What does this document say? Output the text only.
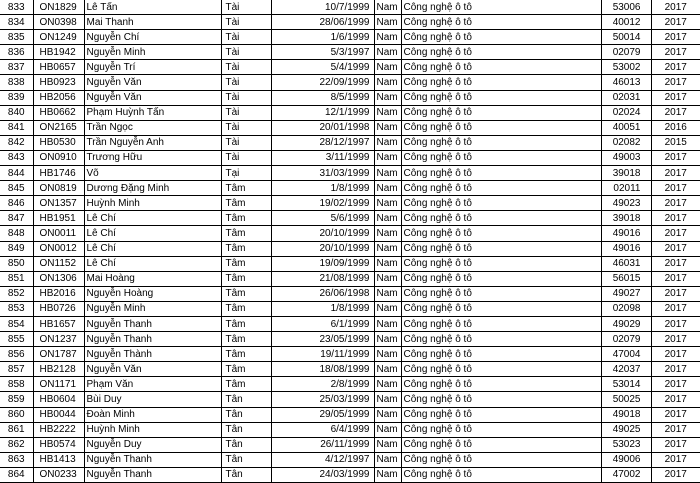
833	ON1829	Lê Tấn	Tài	10/7/1999	Nam	Công nghệ ô tô	53006	2017
834	ON0398	Mai Thanh	Tài	28/06/1999	Nam	Công nghệ ô tô	40012	2017
835	ON1249	Nguyễn Chí	Tài	1/6/1999	Nam	Công nghệ ô tô	50014	2017
836	HB1942	Nguyễn Minh	Tài	5/3/1997	Nam	Công nghệ ô tô	02079	2017
837	HB0657	Nguyễn Trí	Tài	5/4/1999	Nam	Công nghệ ô tô	53002	2017
838	HB0923	Nguyễn Văn	Tài	22/09/1999	Nam	Công nghệ ô tô	46013	2017
839	HB2056	Nguyễn Văn	Tài	8/5/1999	Nam	Công nghệ ô tô	02031	2017
840	HB0662	Phạm Huỳnh Tấn	Tài	12/1/1999	Nam	Công nghệ ô tô	02024	2017
841	ON2165	Trần Ngọc	Tài	20/01/1998	Nam	Công nghệ ô tô	40051	2016
842	HB0530	Trần Nguyễn Anh	Tài	28/12/1997	Nam	Công nghệ ô tô	02082	2015
843	ON0910	Trương Hữu	Tài	3/11/1999	Nam	Công nghệ ô tô	49003	2017
844	HB1746	Võ	Tại	31/03/1999	Nam	Công nghệ ô tô	39018	2017
845	ON0819	Dương Đặng Minh	Tâm	1/8/1999	Nam	Công nghệ ô tô	02011	2017
846	ON1357	Huỳnh Minh	Tâm	19/02/1999	Nam	Công nghệ ô tô	49023	2017
847	HB1951	Lê Chí	Tâm	5/6/1999	Nam	Công nghệ ô tô	39018	2017
848	ON0011	Lê Chí	Tâm	20/10/1999	Nam	Công nghệ ô tô	49016	2017
849	ON0012	Lê Chí	Tâm	20/10/1999	Nam	Công nghệ ô tô	49016	2017
850	ON1152	Lê Chí	Tâm	19/09/1999	Nam	Công nghệ ô tô	46031	2017
851	ON1306	Mai Hoàng	Tâm	21/08/1999	Nam	Công nghệ ô tô	56015	2017
852	HB2016	Nguyễn Hoàng	Tâm	26/06/1998	Nam	Công nghệ ô tô	49027	2017
853	HB0726	Nguyễn Minh	Tâm	1/8/1999	Nam	Công nghệ ô tô	02098	2017
854	HB1657	Nguyễn Thanh	Tâm	6/1/1999	Nam	Công nghệ ô tô	49029	2017
855	ON1237	Nguyễn Thanh	Tâm	23/05/1999	Nam	Công nghệ ô tô	02079	2017
856	ON1787	Nguyễn Thành	Tâm	19/11/1999	Nam	Công nghệ ô tô	47004	2017
857	HB2128	Nguyễn Văn	Tâm	18/08/1999	Nam	Công nghệ ô tô	42037	2017
858	ON1171	Phạm Văn	Tâm	2/8/1999	Nam	Công nghệ ô tô	53014	2017
859	HB0604	Bùi Duy	Tân	25/03/1999	Nam	Công nghệ ô tô	50025	2017
860	HB0044	Đoàn Minh	Tân	29/05/1999	Nam	Công nghệ ô tô	49018	2017
861	HB2222	Huỳnh Minh	Tân	6/4/1999	Nam	Công nghệ ô tô	49025	2017
862	HB0574	Nguyễn Duy	Tân	26/11/1999	Nam	Công nghệ ô tô	53023	2017
863	HB1413	Nguyễn Thanh	Tân	4/12/1997	Nam	Công nghệ ô tô	49006	2017
864	ON0233	Nguyễn Thanh	Tân	24/03/1999	Nam	Công nghệ ô tô	47002	2017
